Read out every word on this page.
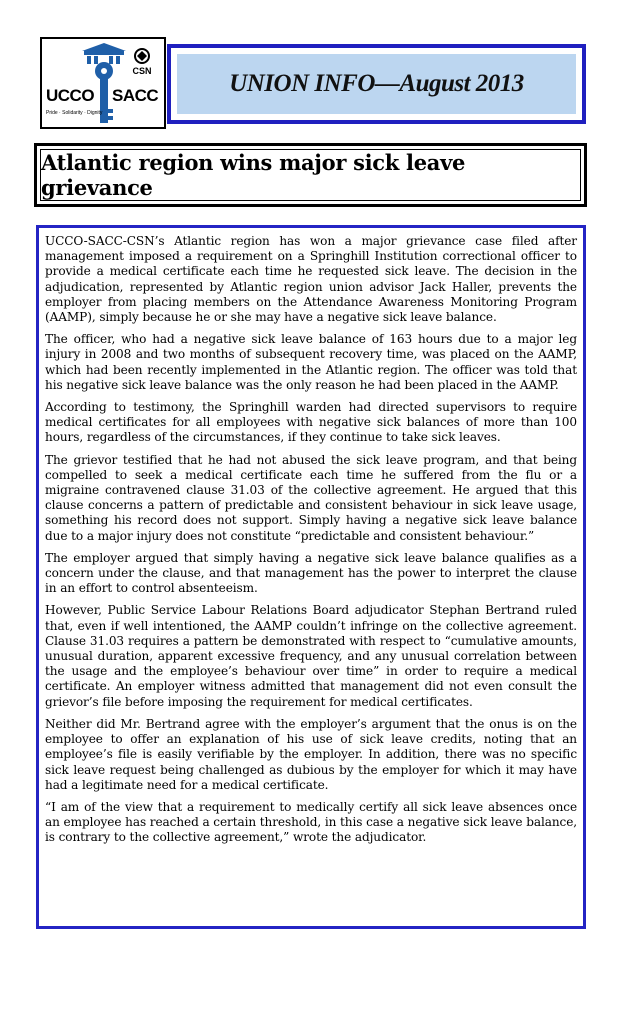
CSN
UCCO SACC
Pride · Solidarity · Dignity
UNION INFO—August 2013
Atlantic region wins major sick leave grievance

UCCO-SACC-CSN’s Atlantic region has won a major grievance case filed after management imposed a requirement on a Springhill Institution correctional officer to provide a medical certificate each time he requested sick leave. The decision in the adjudication, represented by Atlantic region union advisor Jack Haller, prevents the employer from placing members on the Attendance Awareness Monitoring Program (AAMP), simply because he or she may have a negative sick leave balance.

The officer, who had a negative sick leave balance of 163 hours due to a major leg injury in 2008 and two months of subsequent recovery time, was placed on the AAMP, which had been recently implemented in the Atlantic region. The officer was told that his negative sick leave balance was the only reason he had been placed in the AAMP.

According to testimony, the Springhill warden had directed supervisors to require medical certificates for all employees with negative sick balances of more than 100 hours, regardless of the circumstances, if they continue to take sick leaves.

The grievor testified that he had not abused the sick leave program, and that being compelled to seek a medical certificate each time he suffered from the flu or a migraine contravened clause 31.03 of the collective agreement. He argued that this clause concerns a pattern of predictable and consistent behaviour in sick leave usage, something his record does not support. Simply having a negative sick leave balance due to a major injury does not constitute “predictable and consistent behaviour.”

The employer argued that simply having a negative sick leave balance qualifies as a concern under the clause, and that management has the power to interpret the clause in an effort to control absenteeism.

However, Public Service Labour Relations Board adjudicator Stephan Bertrand ruled that, even if well intentioned, the AAMP couldn’t infringe on the collective agreement. Clause 31.03 requires a pattern be demonstrated with respect to “cumulative amounts, unusual duration, apparent excessive frequency, and any unusual correlation between the usage and the employee’s behaviour over time” in order to require a medical certificate. An employer witness admitted that management did not even consult the grievor’s file before imposing the requirement for medical certificates.

Neither did Mr. Bertrand agree with the employer’s argument that the onus is on the employee to offer an explanation of his use of sick leave credits, noting that an employee’s file is easily verifiable by the employer. In addition, there was no specific sick leave request being challenged as dubious by the employer for which it may have had a legitimate need for a medical certificate.

“I am of the view that a requirement to medically certify all sick leave absences once an employee has reached a certain threshold, in this case a negative sick leave balance, is contrary to the collective agreement,” wrote the adjudicator.
